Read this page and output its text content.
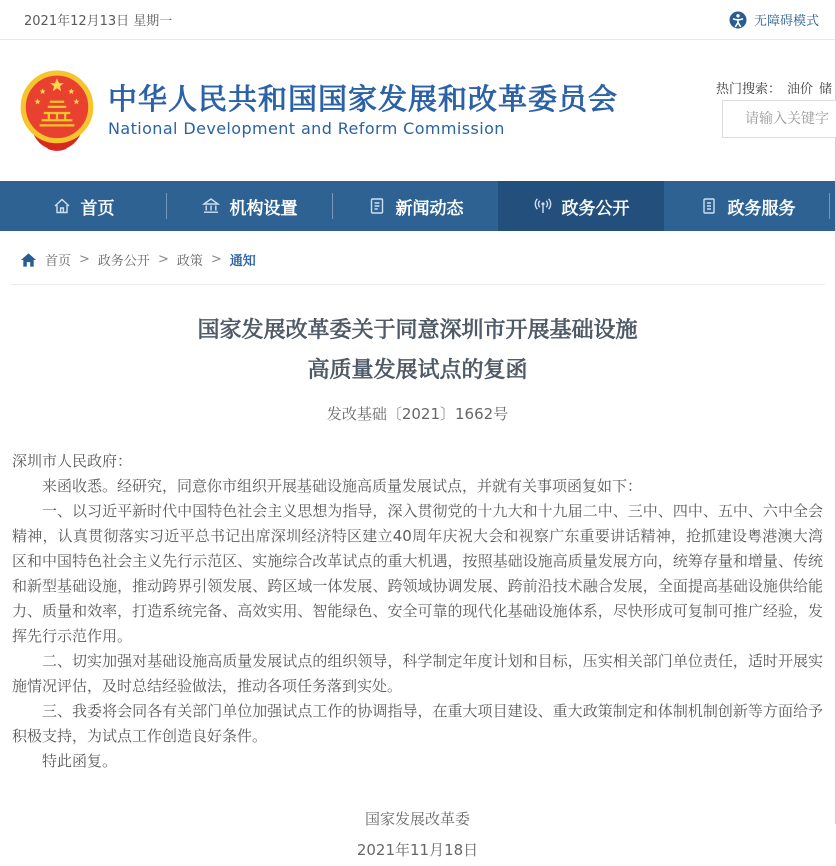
2021年12月13日 星期一	无障碍模式
中华人民共和国国家发展和改革委员会
National Development and Reform Commission
热门搜索： 油价 储
请输入关键字
首页	机构设置	新闻动态	政务公开	政务服务
首页 > 政务公开 > 政策 > 通知
国家发展改革委关于同意深圳市开展基础设施
高质量发展试点的复函
发改基础〔2021〕1662号

深圳市人民政府：

来函收悉。经研究，同意你市组织开展基础设施高质量发展试点，并就有关事项函复如下：

一、以习近平新时代中国特色社会主义思想为指导，深入贯彻党的十九大和十九届二中、三中、四中、五中、六中全会精神，认真贯彻落实习近平总书记出席深圳经济特区建立40周年庆祝大会和视察广东重要讲话精神，抢抓建设粤港澳大湾区和中国特色社会主义先行示范区、实施综合改革试点的重大机遇，按照基础设施高质量发展方向，统筹存量和增量、传统和新型基础设施，推动跨界引领发展、跨区域一体发展、跨领域协调发展、跨前沿技术融合发展，全面提高基础设施供给能力、质量和效率，打造系统完备、高效实用、智能绿色、安全可靠的现代化基础设施体系，尽快形成可复制可推广经验，发挥先行示范作用。

二、切实加强对基础设施高质量发展试点的组织领导，科学制定年度计划和目标，压实相关部门单位责任，适时开展实施情况评估，及时总结经验做法，推动各项任务落到实处。

三、我委将会同各有关部门单位加强试点工作的协调指导，在重大项目建设、重大政策制定和体制机制创新等方面给予积极支持，为试点工作创造良好条件。

特此函复。

国家发展改革委
2021年11月18日
